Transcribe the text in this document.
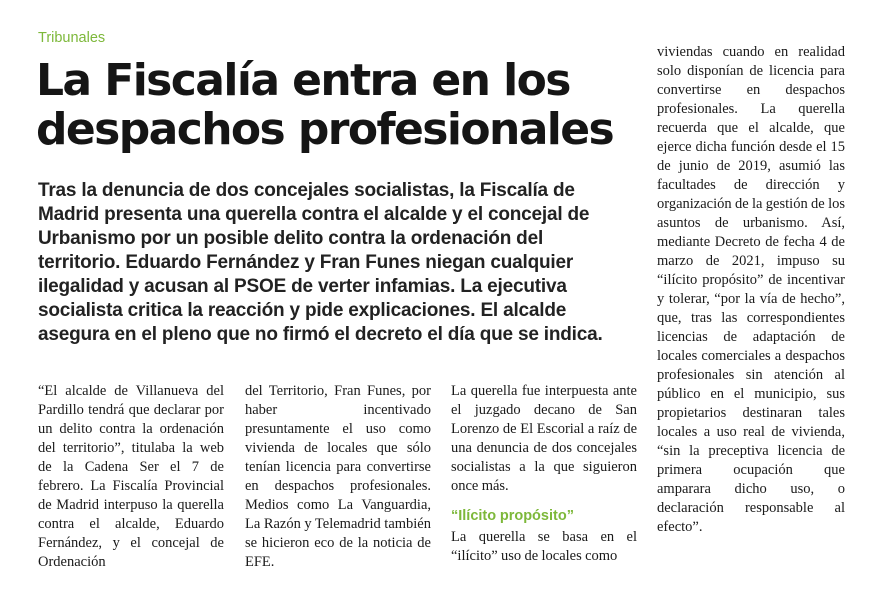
Tribunales
La Fiscalía entra en los despachos profesionales

Tras la denuncia de dos concejales socialistas, la Fiscalía de Madrid presenta una querella contra el alcalde y el concejal de Urbanismo por un posible delito contra la ordenación del territorio. Eduardo Fernández y Fran Funes niegan cualquier ilegalidad y acusan al PSOE de verter infamias. La ejecutiva socialista critica la reacción y pide explicaciones. El alcalde asegura en el pleno que no firmó el decreto el día que se indica.

“El alcalde de Villanueva del Pardillo tendrá que declarar por un delito contra la ordenación del territorio”, titulaba la web de la Cadena Ser el 7 de febrero. La Fiscalía Provincial de Madrid interpuso la querella contra el alcalde, Eduardo Fernández, y el concejal de Ordenación

del Territorio, Fran Funes, por haber incentivado presuntamente el uso como vivienda de locales que sólo tenían licencia para convertirse en despachos profesionales. Medios como La Vanguardia, La Razón y Telemadrid también se hicieron eco de la noticia de EFE.

La querella fue interpuesta ante el juzgado decano de San Lorenzo de El Escorial a raíz de una denuncia de dos concejales socialistas a la que siguieron once más.

“Ilícito propósito”

La querella se basa en el “ilícito” uso de locales como

viviendas cuando en realidad solo disponían de licencia para convertirse en despachos profesionales. La querella recuerda que el alcalde, que ejerce dicha función desde el 15 de junio de 2019, asumió las facultades de dirección y organización de la gestión de los asuntos de urbanismo. Así, mediante Decreto de fecha 4 de marzo de 2021, impuso su “ilícito propósito” de incentivar y tolerar, “por la vía de hecho”, que, tras las correspondientes licencias de adaptación de locales comerciales a despachos profesionales sin atención al público en el municipio, sus propietarios destinaran tales locales a uso real de vivienda, “sin la preceptiva licencia de primera ocupación que amparara dicho uso, o declaración responsable al efecto”.
